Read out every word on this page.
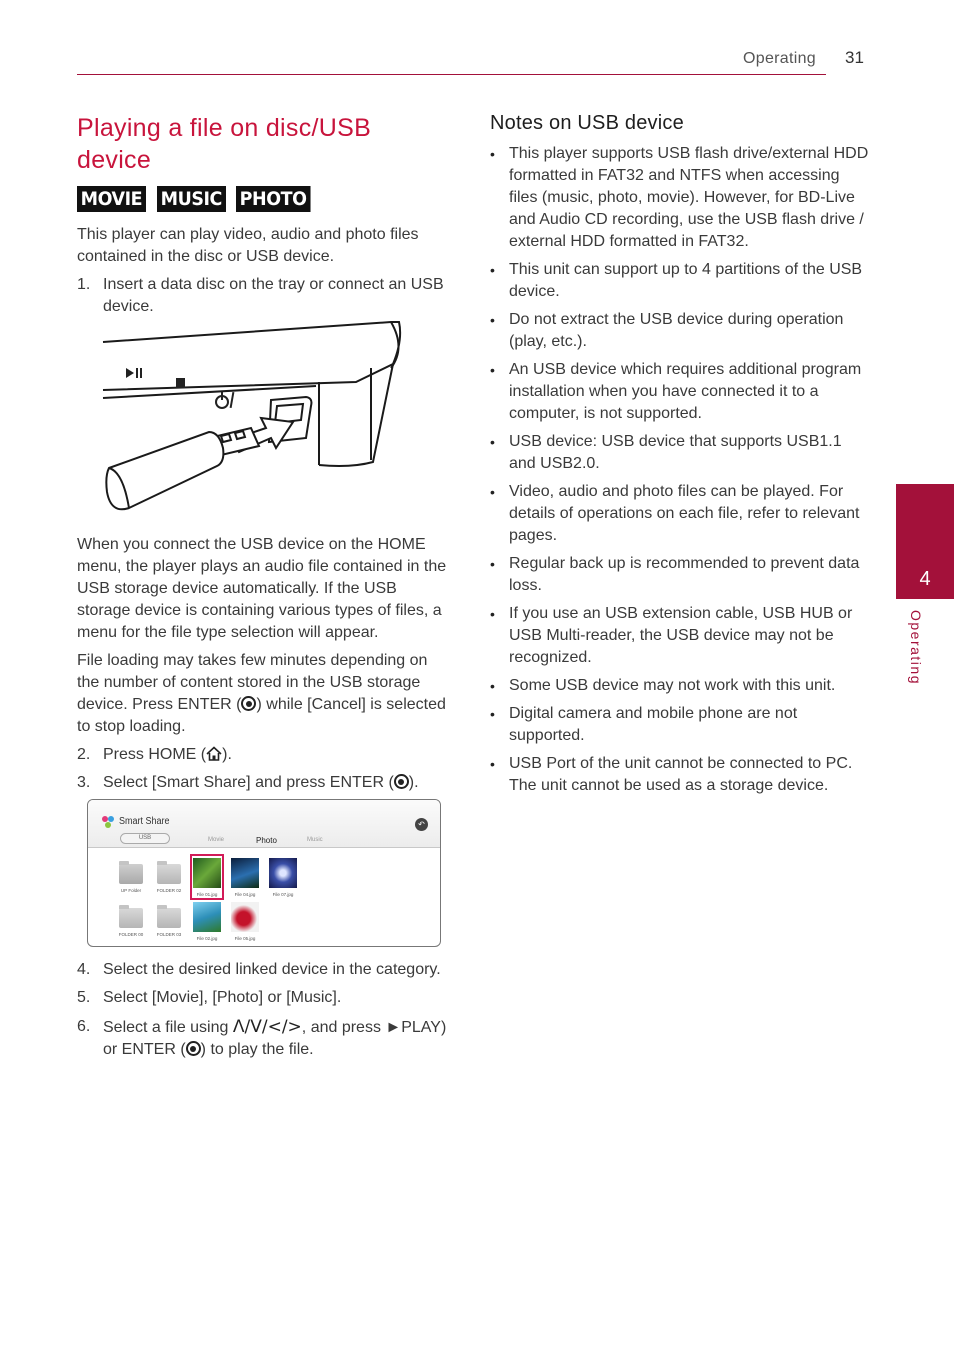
Operating 31
4
Operating
Playing a file on disc/USB device
MOVIE MUSIC PHOTO

This player can play video, audio and photo files contained in the disc or USB device.

1. Insert a data disc on the tray or connect an USB device.

When you connect the USB device on the HOME menu, the player plays an audio file contained in the USB storage device automatically. If the USB storage device is containing various types of files, a menu for the file type selection will appear.

File loading may takes few minutes depending on the number of content stored in the USB storage device. Press ENTER ( ) while [Cancel] is selected to stop loading.

2. Press HOME ( ).
3. Select [Smart Share] and press ENTER ( ).
4. Select the desired linked device in the category.
5. Select [Movie], [Photo] or [Music].
6. Select a file using Λ/V/</>, and press ►PLAY) or ENTER ( ) to play the file.
Smart Share
USB	Movie	Photo	Music
↶
UP Folder	FOLDER 02
File 01.jpg	File 04.jpg	File 07.jpg
FOLDER 00	FOLDER 03
File 02.jpg	File 05.jpg
Notes on USB device
• This player supports USB flash drive/external HDD formatted in FAT32 and NTFS when accessing files (music, photo, movie). However, for BD-Live and Audio CD recording, use the USB flash drive / external HDD formatted in FAT32.
• This unit can support up to 4 partitions of the USB device.
• Do not extract the USB device during operation (play, etc.).
• An USB device which requires additional program installation when you have connected it to a computer, is not supported.
• USB device: USB device that supports USB1.1 and USB2.0.
• Video, audio and photo files can be played. For details of operations on each file, refer to relevant pages.
• Regular back up is recommended to prevent data loss.
• If you use an USB extension cable, USB HUB or USB Multi-reader, the USB device may not be recognized.
• Some USB device may not work with this unit.
• Digital camera and mobile phone are not supported.
• USB Port of the unit cannot be connected to PC. The unit cannot be used as a storage device.
